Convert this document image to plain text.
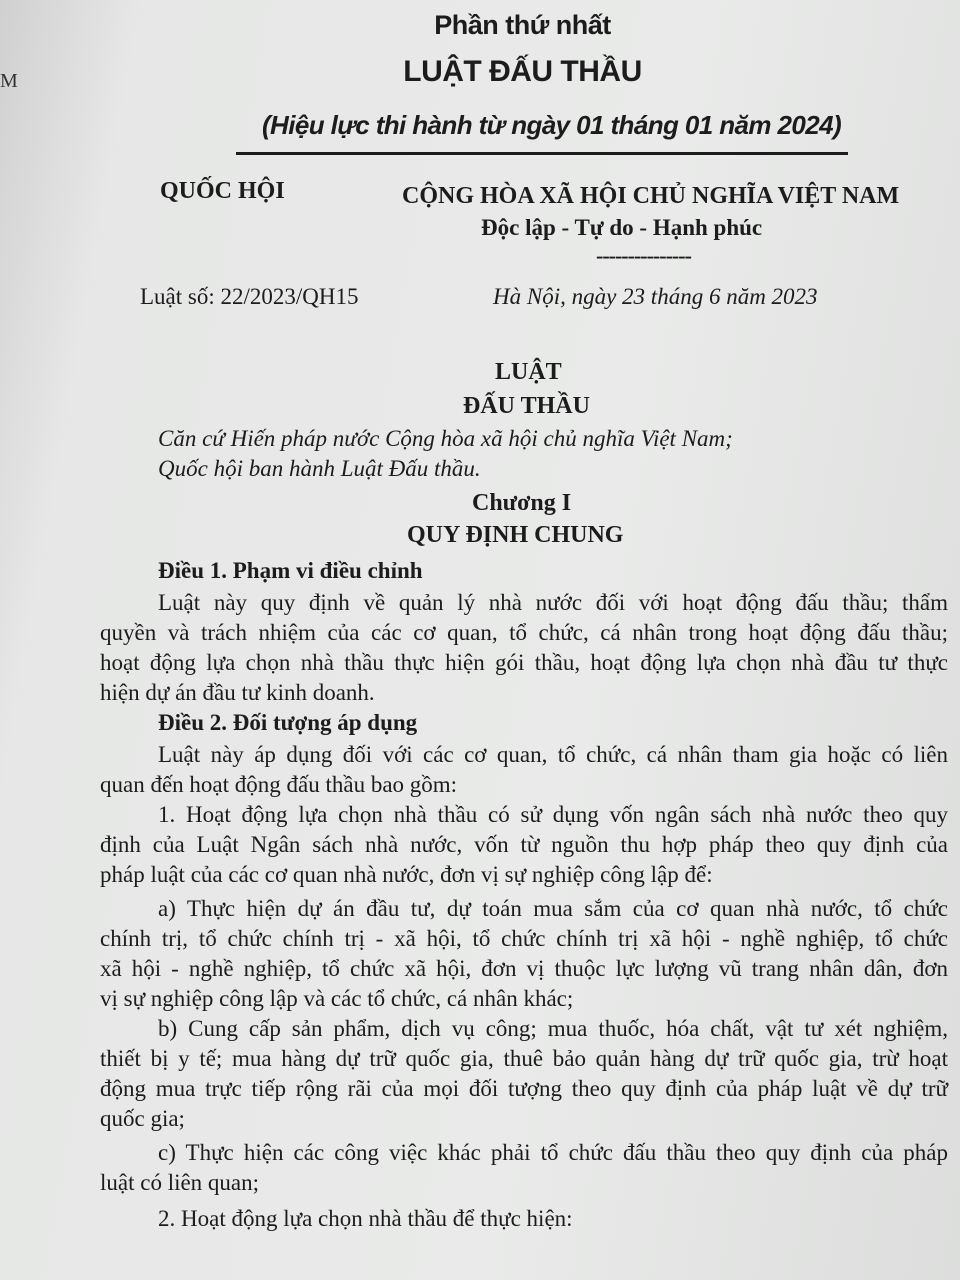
M
Phần thứ nhất
LUẬT ĐẤU THẦU
(Hiệu lực thi hành từ ngày 01 tháng 01 năm 2024)
QUỐC HỘI	CỘNG HÒA XÃ HỘI CHỦ NGHĨA VIỆT NAM
Độc lập - Tự do - Hạnh phúc
---------------
Luật số: 22/2023/QH15	Hà Nội, ngày 23 tháng 6 năm 2023
LUẬT
ĐẤU THẦU
Căn cứ Hiến pháp nước Cộng hòa xã hội chủ nghĩa Việt Nam;
Quốc hội ban hành Luật Đấu thầu.
Chương I
QUY ĐỊNH CHUNG
Điều 1. Phạm vi điều chỉnh
Luật này quy định về quản lý nhà nước đối với hoạt động đấu thầu; thẩm
quyền và trách nhiệm của các cơ quan, tổ chức, cá nhân trong hoạt động đấu thầu;
hoạt động lựa chọn nhà thầu thực hiện gói thầu, hoạt động lựa chọn nhà đầu tư thực
hiện dự án đầu tư kinh doanh.
Điều 2. Đối tượng áp dụng
Luật này áp dụng đối với các cơ quan, tổ chức, cá nhân tham gia hoặc có liên
quan đến hoạt động đấu thầu bao gồm:
1. Hoạt động lựa chọn nhà thầu có sử dụng vốn ngân sách nhà nước theo quy
định của Luật Ngân sách nhà nước, vốn từ nguồn thu hợp pháp theo quy định của
pháp luật của các cơ quan nhà nước, đơn vị sự nghiệp công lập để:
a) Thực hiện dự án đầu tư, dự toán mua sắm của cơ quan nhà nước, tổ chức
chính trị, tổ chức chính trị - xã hội, tổ chức chính trị xã hội - nghề nghiệp, tổ chức
xã hội - nghề nghiệp, tổ chức xã hội, đơn vị thuộc lực lượng vũ trang nhân dân, đơn
vị sự nghiệp công lập và các tổ chức, cá nhân khác;
b) Cung cấp sản phẩm, dịch vụ công; mua thuốc, hóa chất, vật tư xét nghiệm,
thiết bị y tế; mua hàng dự trữ quốc gia, thuê bảo quản hàng dự trữ quốc gia, trừ hoạt
động mua trực tiếp rộng rãi của mọi đối tượng theo quy định của pháp luật về dự trữ
quốc gia;
c) Thực hiện các công việc khác phải tổ chức đấu thầu theo quy định của pháp
luật có liên quan;
2. Hoạt động lựa chọn nhà thầu để thực hiện:
